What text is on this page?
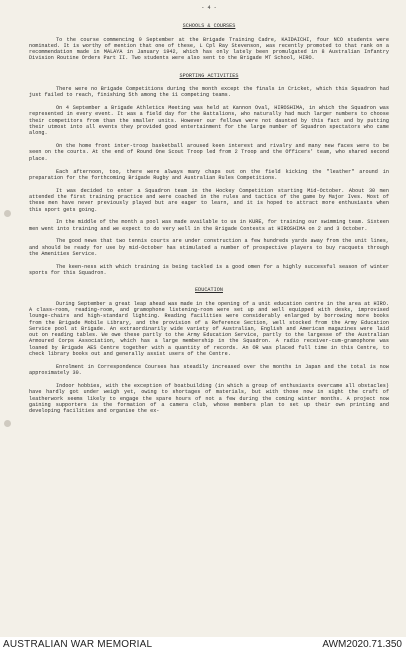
- 4 -
SCHOOLS & COURSES

To the course commencing 9 September at the Brigade Training Cadre, KAIDAICHI, four NCO students were nominated. It is worthy of mention that one of these, L Cpl Ray Stevenson, was recently promoted to that rank on a recommendation made in MALAYA in January 1942, which has only lately been promulgated in 8 Australian Infantry Division Routine Orders Part II. Two students were also sent to the Brigade MT School, HIRO.

SPORTING ACTIVITIES

There were no Brigade Competitions during the month except the finals in Cricket, which this Squadron had just failed to reach, finishing 5th among the 11 competing teams.

On 4 September a Brigade Athletics Meeting was held at Kannon Oval, HIROSHIMA, in which the Squadron was represented in every event. It was a field day for the Battalions, who naturally had much larger numbers to choose their competitors from than the smaller units. However our fellows were not daunted by this fact and by putting their utmost into all events they provided good entertainment for the large number of Squadron spectators who came along.

On the home front inter-troop basketball aroused keen interest and rivalry and many new faces were to be seen on the courts. At the end of Round One Scout Troop led from 2 Troop and the Officers' team, who shared second place.

Each afternoon, too, there were always many chaps out on the field kicking the "leather" around in preparation for the forthcoming Brigade Rugby and Australian Rules Competitions.

It was decided to enter a Squadron team in the Hockey Competition starting Mid-October. About 30 men attended the first training practice and were coached in the rules and tactics of the game by Major Ives. Most of these men have never previously played but are eager to learn, and it is hoped to attract more enthusiasts when this sport gets going.

In the middle of the month a pool was made available to us in KURE, for training our swimming team. Sixteen men went into training and we expect to do very well in the Brigade Contests at HIROSHIMA on 2 and 3 October.

The good news that two tennis courts are under construction a few hundreds yards away from the unit lines, and should be ready for use by mid-October has stimulated a number of prospective players to buy racquets through the Amenities Service.

The keen-ness with which training is being tackled is a good omen for a highly successful season of winter sports for this Squadron.

EDUCATION

During September a great leap ahead was made in the opening of a unit education centre in the area at HIRO. A class-room, reading-room, and gramophone listening-room were set up and well equipped with desks, improvised lounge-chairs and high-standard lighting. Reading facilities were considerably enlarged by borrowing more books from the Brigade Mobile Library, and the provision of a Reference Section, well stocked from the Army Education Service pool at Brigade. An extraordinarily wide variety of Australian, English and American magazines were laid out on reading tables. We owe these partly to the Army Education Service, partly to the largesse of the Australian Armoured Corps Association, which has a large membership in the Squadron. A radio receiver-cum-gramophone was loaned by Brigade AES Centre together with a quantity of records. An OR was placed full time in this Centre, to check library books out and generally assist users of the Centre.

Enrolment in Correspondence Courses has steadily increased over the months in Japan and the total is now approximately 30.

Indoor hobbies, with the exception of boatbuilding (in which a group of enthusiasts overcame all obstacles) have hardly got under weigh yet, owing to shortages of materials, but with those now in sight the craft of leatherwork seems likely to engage the spare hours of not a few during the coming winter months. A project now gaining supporters is the formation of a camera club, whose members plan to set up their own printing and developing facilities and organise the ex-

AUSTRALIAN WAR MEMORIAL	AWM2020.71.350
